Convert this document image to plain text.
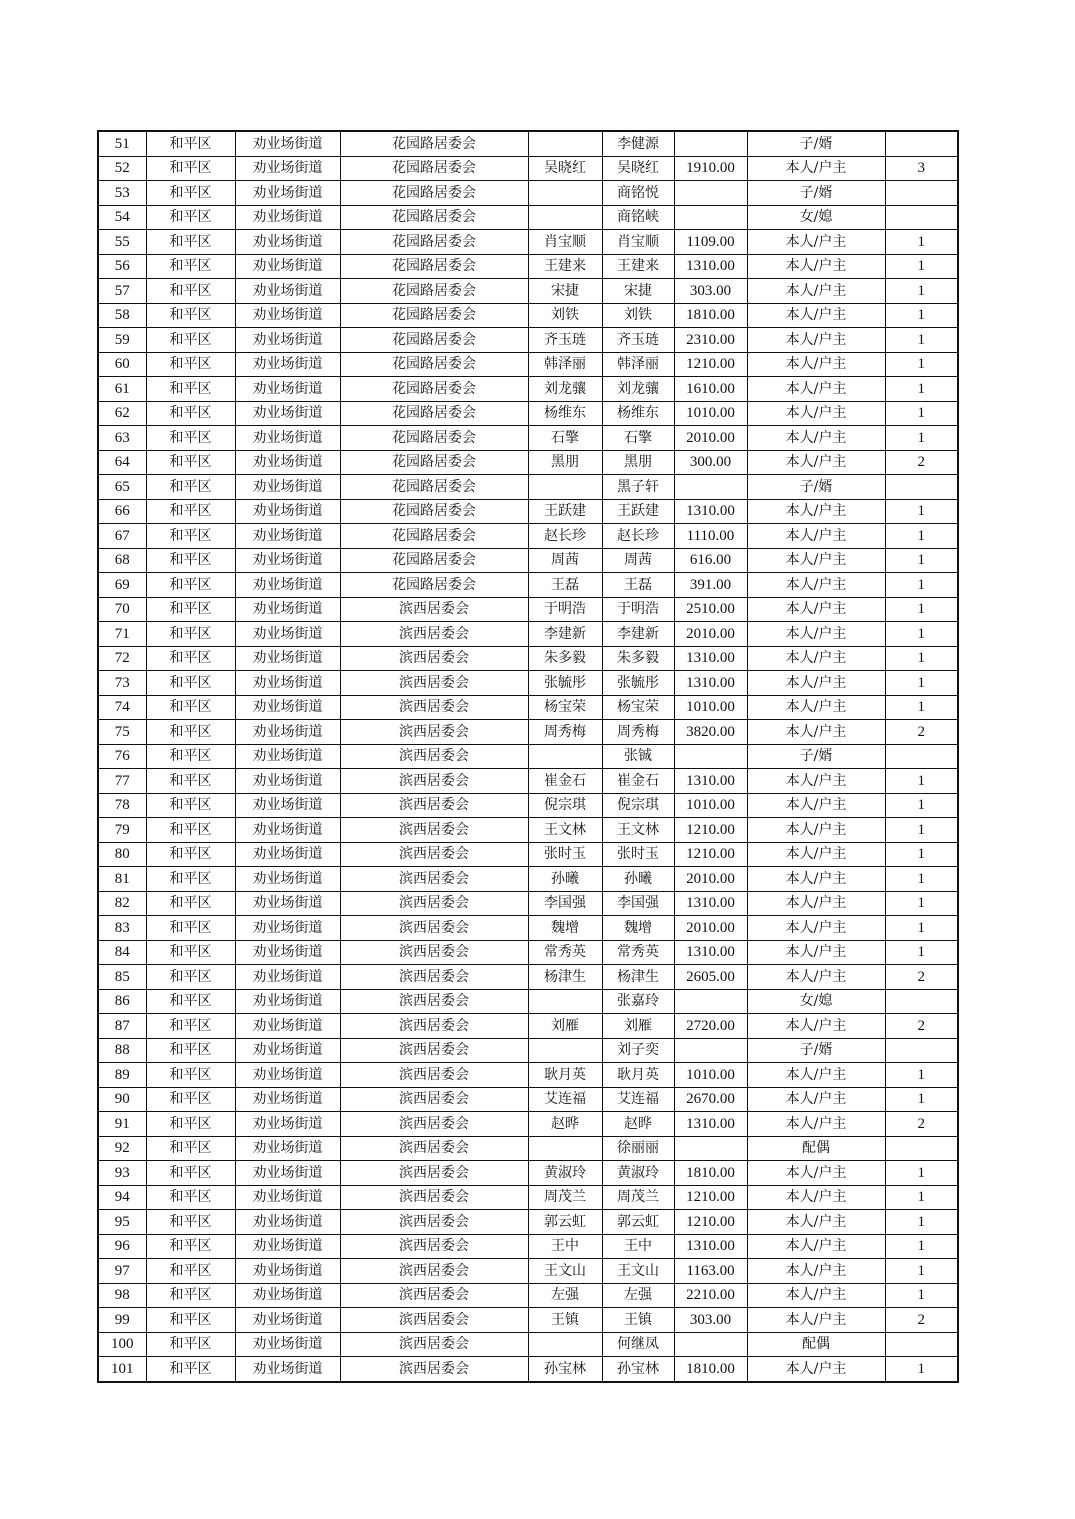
51	和平区	劝业场街道	花园路居委会		李健源		子/婿	
52	和平区	劝业场街道	花园路居委会	吴晓红	吴晓红	1910.00	本人/户主	3
53	和平区	劝业场街道	花园路居委会		商铭悦		子/婿	
54	和平区	劝业场街道	花园路居委会		商铭峡		女/媳	
55	和平区	劝业场街道	花园路居委会	肖宝顺	肖宝顺	1109.00	本人/户主	1
56	和平区	劝业场街道	花园路居委会	王建来	王建来	1310.00	本人/户主	1
57	和平区	劝业场街道	花园路居委会	宋捷	宋捷	303.00	本人/户主	1
58	和平区	劝业场街道	花园路居委会	刘铁	刘铁	1810.00	本人/户主	1
59	和平区	劝业场街道	花园路居委会	齐玉琏	齐玉琏	2310.00	本人/户主	1
60	和平区	劝业场街道	花园路居委会	韩泽丽	韩泽丽	1210.00	本人/户主	1
61	和平区	劝业场街道	花园路居委会	刘龙骧	刘龙骧	1610.00	本人/户主	1
62	和平区	劝业场街道	花园路居委会	杨维东	杨维东	1010.00	本人/户主	1
63	和平区	劝业场街道	花园路居委会	石擎	石擎	2010.00	本人/户主	1
64	和平区	劝业场街道	花园路居委会	黑朋	黑朋	300.00	本人/户主	2
65	和平区	劝业场街道	花园路居委会		黑子轩		子/婿	
66	和平区	劝业场街道	花园路居委会	王跃建	王跃建	1310.00	本人/户主	1
67	和平区	劝业场街道	花园路居委会	赵长珍	赵长珍	1110.00	本人/户主	1
68	和平区	劝业场街道	花园路居委会	周茜	周茜	616.00	本人/户主	1
69	和平区	劝业场街道	花园路居委会	王磊	王磊	391.00	本人/户主	1
70	和平区	劝业场街道	滨西居委会	于明浩	于明浩	2510.00	本人/户主	1
71	和平区	劝业场街道	滨西居委会	李建新	李建新	2010.00	本人/户主	1
72	和平区	劝业场街道	滨西居委会	朱多毅	朱多毅	1310.00	本人/户主	1
73	和平区	劝业场街道	滨西居委会	张毓彤	张毓彤	1310.00	本人/户主	1
74	和平区	劝业场街道	滨西居委会	杨宝荣	杨宝荣	1010.00	本人/户主	1
75	和平区	劝业场街道	滨西居委会	周秀梅	周秀梅	3820.00	本人/户主	2
76	和平区	劝业场街道	滨西居委会		张铖		子/婿	
77	和平区	劝业场街道	滨西居委会	崔金石	崔金石	1310.00	本人/户主	1
78	和平区	劝业场街道	滨西居委会	倪宗琪	倪宗琪	1010.00	本人/户主	1
79	和平区	劝业场街道	滨西居委会	王文林	王文林	1210.00	本人/户主	1
80	和平区	劝业场街道	滨西居委会	张时玉	张时玉	1210.00	本人/户主	1
81	和平区	劝业场街道	滨西居委会	孙曦	孙曦	2010.00	本人/户主	1
82	和平区	劝业场街道	滨西居委会	李国强	李国强	1310.00	本人/户主	1
83	和平区	劝业场街道	滨西居委会	魏增	魏增	2010.00	本人/户主	1
84	和平区	劝业场街道	滨西居委会	常秀英	常秀英	1310.00	本人/户主	1
85	和平区	劝业场街道	滨西居委会	杨津生	杨津生	2605.00	本人/户主	2
86	和平区	劝业场街道	滨西居委会		张嘉玲		女/媳	
87	和平区	劝业场街道	滨西居委会	刘雁	刘雁	2720.00	本人/户主	2
88	和平区	劝业场街道	滨西居委会		刘子奕		子/婿	
89	和平区	劝业场街道	滨西居委会	耿月英	耿月英	1010.00	本人/户主	1
90	和平区	劝业场街道	滨西居委会	艾连福	艾连福	2670.00	本人/户主	1
91	和平区	劝业场街道	滨西居委会	赵晔	赵晔	1310.00	本人/户主	2
92	和平区	劝业场街道	滨西居委会		徐丽丽		配偶	
93	和平区	劝业场街道	滨西居委会	黄淑玲	黄淑玲	1810.00	本人/户主	1
94	和平区	劝业场街道	滨西居委会	周茂兰	周茂兰	1210.00	本人/户主	1
95	和平区	劝业场街道	滨西居委会	郭云虹	郭云虹	1210.00	本人/户主	1
96	和平区	劝业场街道	滨西居委会	王中	王中	1310.00	本人/户主	1
97	和平区	劝业场街道	滨西居委会	王文山	王文山	1163.00	本人/户主	1
98	和平区	劝业场街道	滨西居委会	左强	左强	2210.00	本人/户主	1
99	和平区	劝业场街道	滨西居委会	王镇	王镇	303.00	本人/户主	2
100	和平区	劝业场街道	滨西居委会		何继凤		配偶	
101	和平区	劝业场街道	滨西居委会	孙宝林	孙宝林	1810.00	本人/户主	1
